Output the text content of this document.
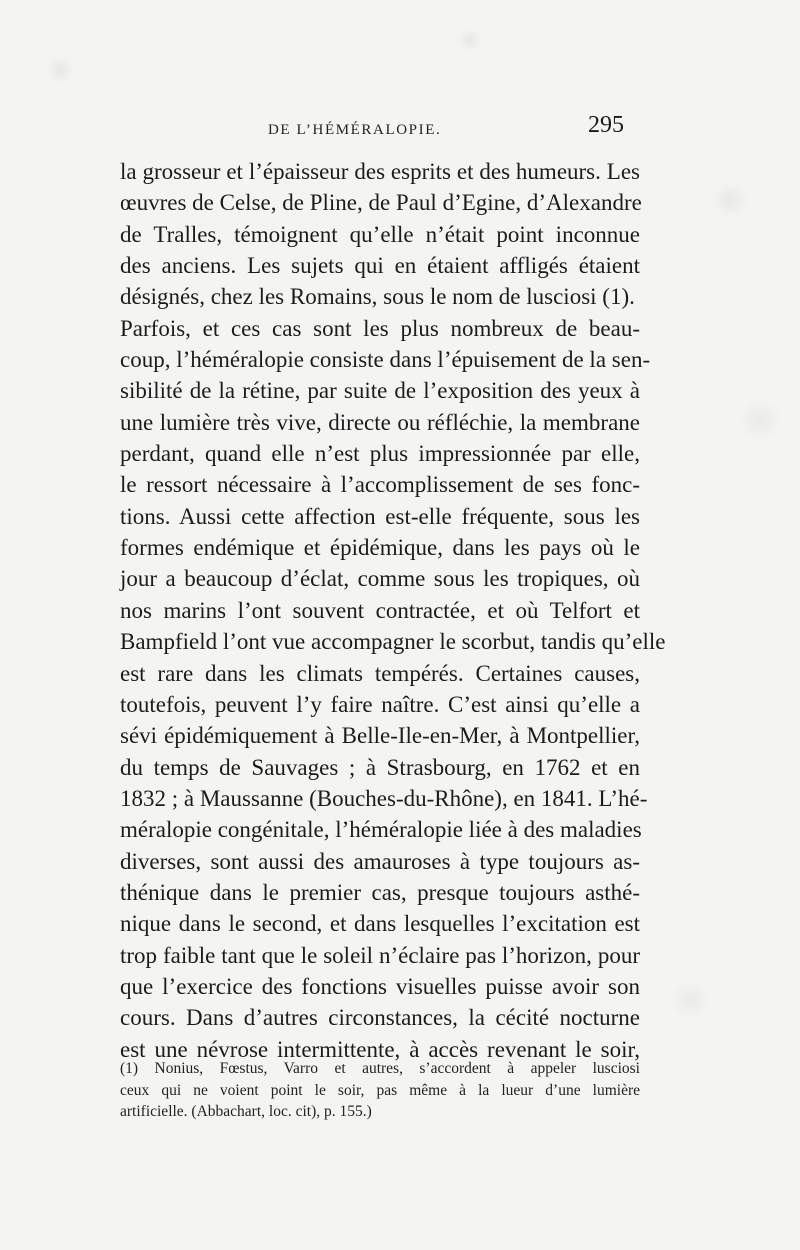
DE L’HÉMÉRALOPIE.	295
la grosseur et l’épaisseur des esprits et des humeurs. Les
œuvres de Celse, de Pline, de Paul d’Egine, d’Alexandre
de Tralles, témoignent qu’elle n’était point inconnue
des anciens. Les sujets qui en étaient affligés étaient
désignés, chez les Romains, sous le nom de lusciosi (1).
Parfois, et ces cas sont les plus nombreux de beau-
coup, l’héméralopie consiste dans l’épuisement de la sen-
sibilité de la rétine, par suite de l’exposition des yeux à
une lumière très vive, directe ou réfléchie, la membrane
perdant, quand elle n’est plus impressionnée par elle,
le ressort nécessaire à l’accomplissement de ses fonc-
tions. Aussi cette affection est-elle fréquente, sous les
formes endémique et épidémique, dans les pays où le
jour a beaucoup d’éclat, comme sous les tropiques, où
nos marins l’ont souvent contractée, et où Telfort et
Bampfield l’ont vue accompagner le scorbut, tandis qu’elle
est rare dans les climats tempérés. Certaines causes,
toutefois, peuvent l’y faire naître. C’est ainsi qu’elle a
sévi épidémiquement à Belle-Ile-en-Mer, à Montpellier,
du temps de Sauvages ; à Strasbourg, en 1762 et en
1832 ; à Maussanne (Bouches-du-Rhône), en 1841. L’hé-
méralopie congénitale, l’héméralopie liée à des maladies
diverses, sont aussi des amauroses à type toujours as-
thénique dans le premier cas, presque toujours asthé-
nique dans le second, et dans lesquelles l’excitation est
trop faible tant que le soleil n’éclaire pas l’horizon, pour
que l’exercice des fonctions visuelles puisse avoir son
cours. Dans d’autres circonstances, la cécité nocturne
est une névrose intermittente, à accès revenant le soir,
(1) Nonius, Fœstus, Varro et autres, s’accordent à appeler lusciosi
ceux qui ne voient point le soir, pas même à la lueur d’une lumière
artificielle. (Abbachart, loc. cit), p. 155.)
